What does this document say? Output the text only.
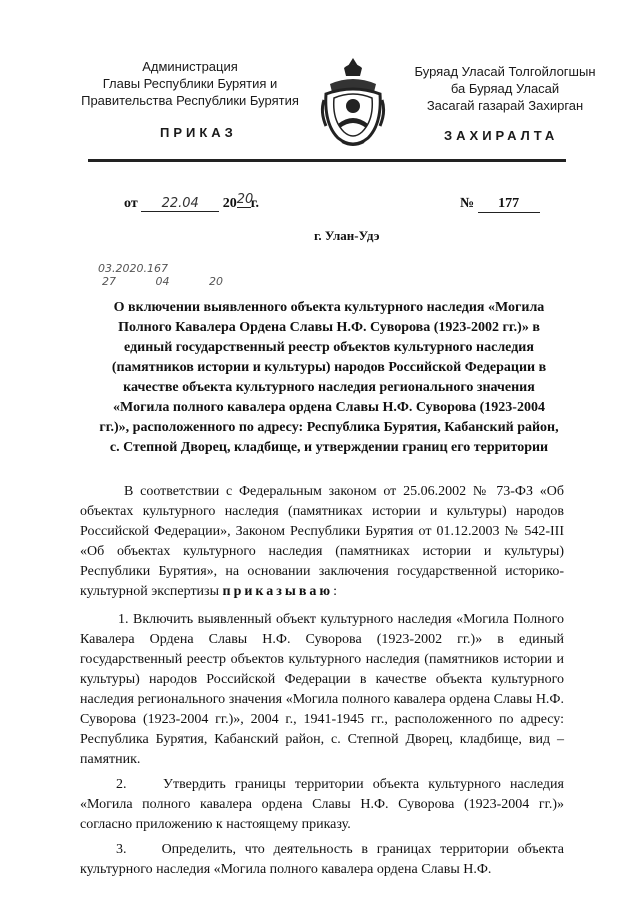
Администрация
Главы Республики Бурятия и
Правительства Республики Бурятия
Буряад Уласай Толгойлогшын
ба Буряад Уласай
Засагай газарай Захирган
ПРИКАЗ	ЗАХИРАЛТА
от 22.04 2020г.	№ 177
г. Улан-Удэ
03.2020.167
27 04 20
О включении выявленного объекта культурного наследия «Могила Полного Кавалера Ордена Славы Н.Ф. Суворова (1923-2002 гг.)» в единый государственный реестр объектов культурного наследия (памятников истории и культуры) народов Российской Федерации в качестве объекта культурного наследия регионального значения «Могила полного кавалера ордена Славы Н.Ф. Суворова (1923-2004 гг.)», расположенного по адресу: Республика Бурятия, Кабанский район, с. Степной Дворец, кладбище, и утверждении границ его территории

В соответствии с Федеральным законом от 25.06.2002 № 73-ФЗ «Об объектах культурного наследия (памятниках истории и культуры) народов Российской Федерации», Законом Республики Бурятия от 01.12.2003 № 542-III «Об объектах культурного наследия (памятниках истории и культуры) Республики Бурятия», на основании заключения государственной историко-культурной экспертизы приказываю:

1. Включить выявленный объект культурного наследия «Могила Полного Кавалера Ордена Славы Н.Ф. Суворова (1923-2002 гг.)» в единый государственный реестр объектов культурного наследия (памятников истории и культуры) народов Российской Федерации в качестве объекта культурного наследия регионального значения «Могила полного кавалера ордена Славы Н.Ф. Суворова (1923-2004 гг.)», 2004 г., 1941-1945 гг., расположенного по адресу: Республика Бурятия, Кабанский район, с. Степной Дворец, кладбище, вид – памятник.

2.    Утвердить границы территории объекта культурного наследия «Могила полного кавалера ордена Славы Н.Ф. Суворова (1923-2004 гг.)» согласно приложению к настоящему приказу.

3.    Определить, что деятельность в границах территории объекта культурного наследия «Могила полного кавалера ордена Славы Н.Ф.
